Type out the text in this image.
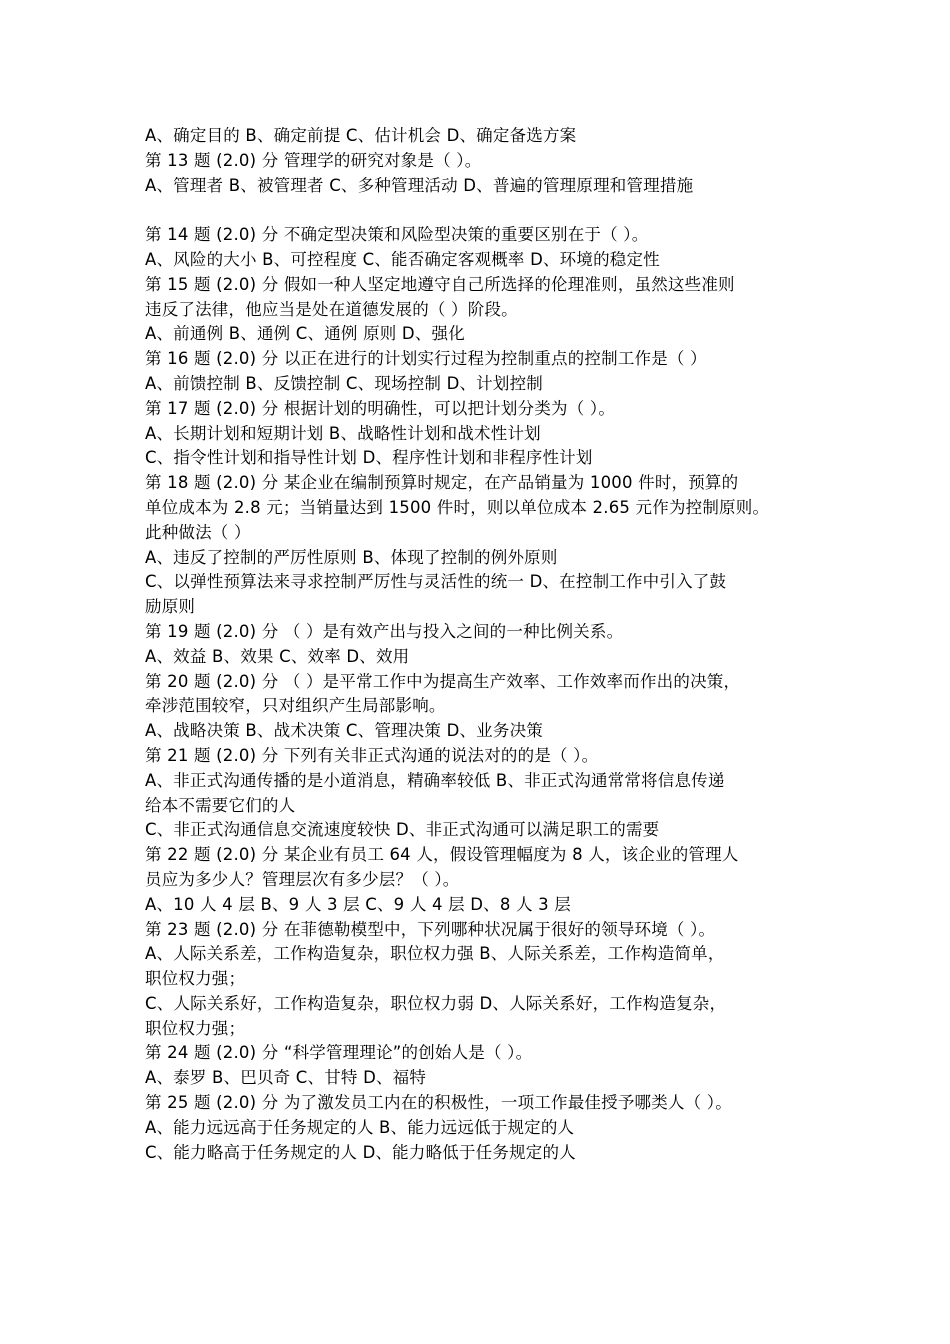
A、确定目的 B、确定前提 C、估计机会 D、确定备选方案
第 13 题 (2.0) 分 管理学的研究对象是（ ）。
A、管理者 B、被管理者 C、多种管理活动 D、普遍的管理原理和管理措施
第 14 题 (2.0) 分 不确定型决策和风险型决策的重要区别在于（ ）。
A、风险的大小 B、可控程度 C、能否确定客观概率 D、环境的稳定性
第 15 题 (2.0) 分 假如一种人坚定地遵守自己所选择的伦理准则，虽然这些准则
违反了法律，他应当是处在道德发展的（ ）阶段。
A、前通例 B、通例 C、通例 原则 D、强化
第 16 题 (2.0) 分 以正在进行的计划实行过程为控制重点的控制工作是（ ）
A、前馈控制 B、反馈控制 C、现场控制 D、计划控制
第 17 题 (2.0) 分 根据计划的明确性，可以把计划分类为（ ）。
A、长期计划和短期计划 B、战略性计划和战术性计划
C、指令性计划和指导性计划 D、程序性计划和非程序性计划
第 18 题 (2.0) 分 某企业在编制预算时规定，在产品销量为 1000 件时，预算的
单位成本为 2.8 元；当销量达到 1500 件时，则以单位成本 2.65 元作为控制原则。
此种做法（ ）
A、违反了控制的严厉性原则 B、体现了控制的例外原则
C、以弹性预算法来寻求控制严厉性与灵活性的统一 D、在控制工作中引入了鼓
励原则
第 19 题 (2.0) 分 （ ）是有效产出与投入之间的一种比例关系。
A、效益 B、效果 C、效率 D、效用
第 20 题 (2.0) 分 （ ）是平常工作中为提高生产效率、工作效率而作出的决策，
牵涉范围较窄，只对组织产生局部影响。
A、战略决策 B、战术决策 C、管理决策 D、业务决策
第 21 题 (2.0) 分 下列有关非正式沟通的说法对的的是（ ）。
A、非正式沟通传播的是小道消息，精确率较低 B、非正式沟通常常将信息传递
给本不需要它们的人
C、非正式沟通信息交流速度较快 D、非正式沟通可以满足职工的需要
第 22 题 (2.0) 分 某企业有员工 64 人，假设管理幅度为 8 人，该企业的管理人
员应为多少人？管理层次有多少层？（ ）。
A、10 人 4 层 B、9 人 3 层 C、9 人 4 层 D、8 人 3 层
第 23 题 (2.0) 分 在菲德勒模型中，下列哪种状况属于很好的领导环境（ ）。
A、人际关系差，工作构造复杂，职位权力强 B、人际关系差，工作构造简单，
职位权力强；
C、人际关系好，工作构造复杂，职位权力弱 D、人际关系好，工作构造复杂，
职位权力强；
第 24 题 (2.0) 分 “科学管理理论”的创始人是（ ）。
A、泰罗 B、巴贝奇 C、甘特 D、福特
第 25 题 (2.0) 分 为了激发员工内在的积极性，一项工作最佳授予哪类人（ ）。
A、能力远远高于任务规定的人 B、能力远远低于规定的人
C、能力略高于任务规定的人 D、能力略低于任务规定的人
